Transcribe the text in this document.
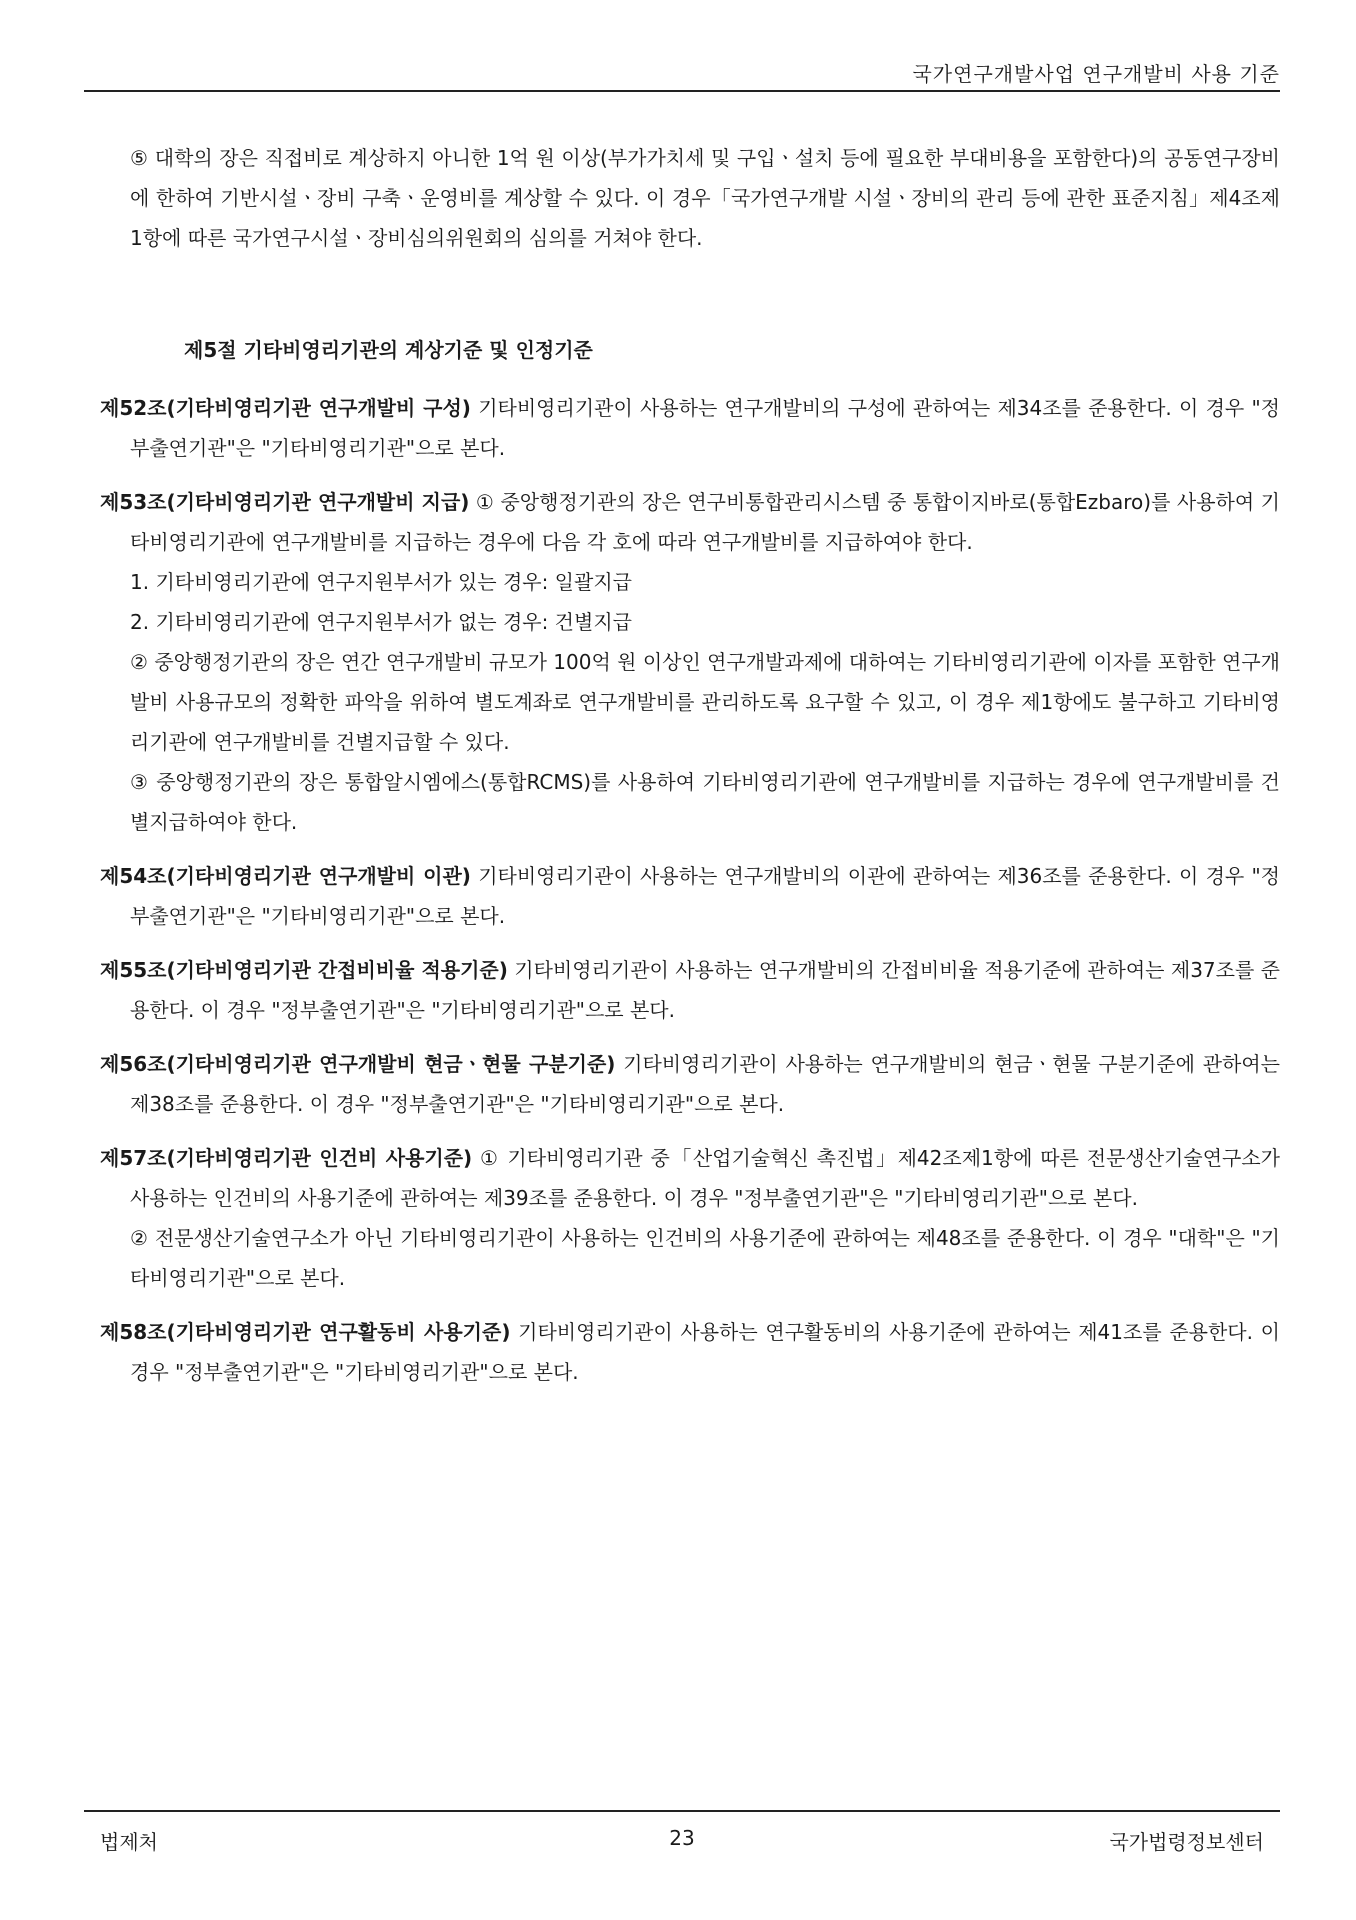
국가연구개발사업 연구개발비 사용 기준

⑤ 대학의 장은 직접비로 계상하지 아니한 1억 원 이상(부가가치세 및 구입ㆍ설치 등에 필요한 부대비용을 포함한다)의 공동연구장비에 한하여 기반시설ㆍ장비 구축ㆍ운영비를 계상할 수 있다. 이 경우「국가연구개발 시설ㆍ장비의 관리 등에 관한 표준지침」제4조제1항에 따른 국가연구시설ㆍ장비심의위원회의 심의를 거쳐야 한다.

제5절 기타비영리기관의 계상기준 및 인정기준

제52조(기타비영리기관 연구개발비 구성) 기타비영리기관이 사용하는 연구개발비의 구성에 관하여는 제34조를 준용한다. 이 경우 "정부출연기관"은 "기타비영리기관"으로 본다.

제53조(기타비영리기관 연구개발비 지급) ① 중앙행정기관의 장은 연구비통합관리시스템 중 통합이지바로(통합Ezbaro)를 사용하여 기타비영리기관에 연구개발비를 지급하는 경우에 다음 각 호에 따라 연구개발비를 지급하여야 한다.

1. 기타비영리기관에 연구지원부서가 있는 경우: 일괄지급

2. 기타비영리기관에 연구지원부서가 없는 경우: 건별지급

② 중앙행정기관의 장은 연간 연구개발비 규모가 100억 원 이상인 연구개발과제에 대하여는 기타비영리기관에 이자를 포함한 연구개발비 사용규모의 정확한 파악을 위하여 별도계좌로 연구개발비를 관리하도록 요구할 수 있고, 이 경우 제1항에도 불구하고 기타비영리기관에 연구개발비를 건별지급할 수 있다.

③ 중앙행정기관의 장은 통합알시엠에스(통합RCMS)를 사용하여 기타비영리기관에 연구개발비를 지급하는 경우에 연구개발비를 건별지급하여야 한다.

제54조(기타비영리기관 연구개발비 이관) 기타비영리기관이 사용하는 연구개발비의 이관에 관하여는 제36조를 준용한다. 이 경우 "정부출연기관"은 "기타비영리기관"으로 본다.

제55조(기타비영리기관 간접비비율 적용기준) 기타비영리기관이 사용하는 연구개발비의 간접비비율 적용기준에 관하여는 제37조를 준용한다. 이 경우 "정부출연기관"은 "기타비영리기관"으로 본다.

제56조(기타비영리기관 연구개발비 현금ㆍ현물 구분기준) 기타비영리기관이 사용하는 연구개발비의 현금ㆍ현물 구분기준에 관하여는 제38조를 준용한다. 이 경우 "정부출연기관"은 "기타비영리기관"으로 본다.

제57조(기타비영리기관 인건비 사용기준) ① 기타비영리기관 중「산업기술혁신 촉진법」제42조제1항에 따른 전문생산기술연구소가 사용하는 인건비의 사용기준에 관하여는 제39조를 준용한다. 이 경우 "정부출연기관"은 "기타비영리기관"으로 본다.

② 전문생산기술연구소가 아닌 기타비영리기관이 사용하는 인건비의 사용기준에 관하여는 제48조를 준용한다. 이 경우 "대학"은 "기타비영리기관"으로 본다.

제58조(기타비영리기관 연구활동비 사용기준) 기타비영리기관이 사용하는 연구활동비의 사용기준에 관하여는 제41조를 준용한다. 이 경우 "정부출연기관"은 "기타비영리기관"으로 본다.

법제처	23	국가법령정보센터
